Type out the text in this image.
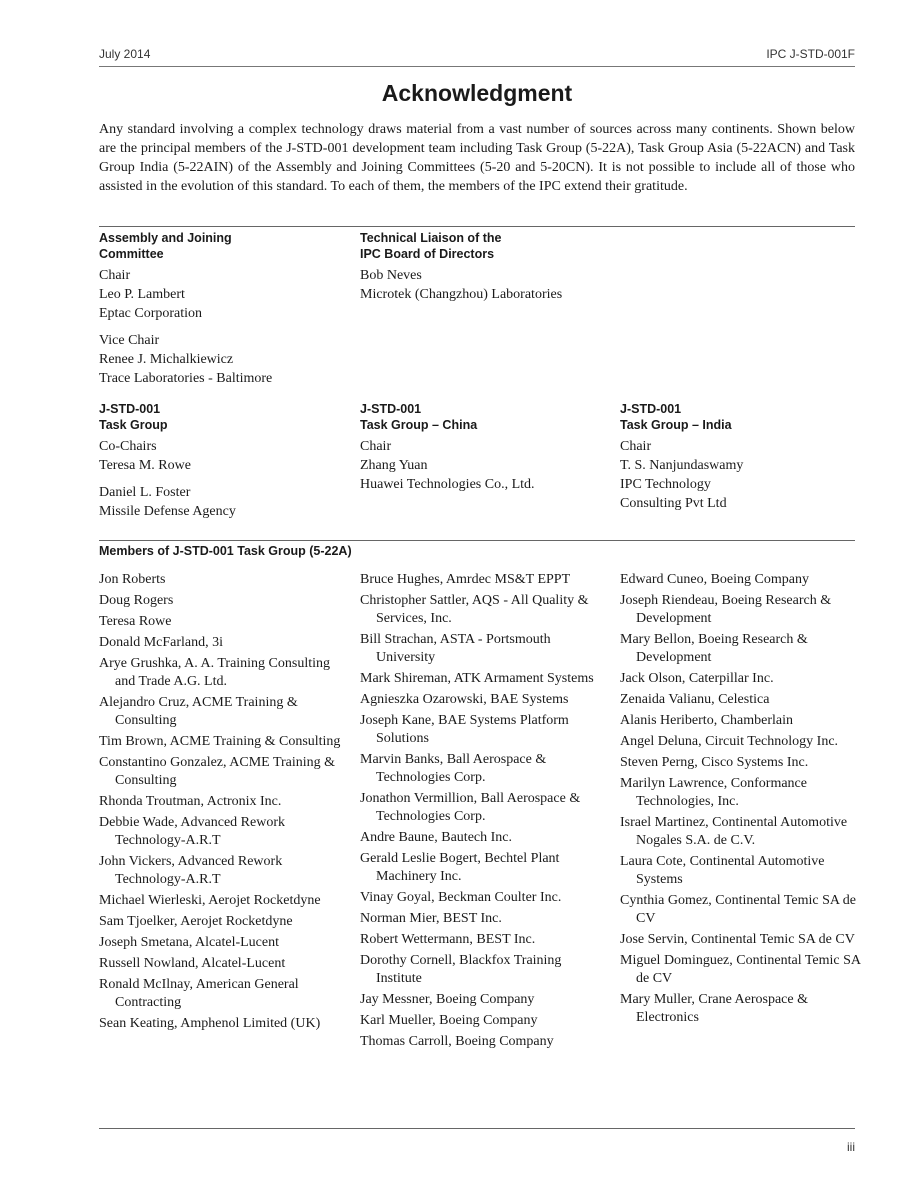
July 2014	IPC J-STD-001F
Acknowledgment

Any standard involving a complex technology draws material from a vast number of sources across many continents. Shown below are the principal members of the J-STD-001 development team including Task Group (5-22A), Task Group Asia (5-22ACN) and Task Group India (5-22AIN) of the Assembly and Joining Committees (5-20 and 5-20CN). It is not possible to include all of those who assisted in the evolution of this standard. To each of them, the members of the IPC extend their gratitude.

Assembly and Joining
Committee

Chair

Leo P. Lambert

Eptac Corporation

Vice Chair

Renee J. Michalkiewicz

Trace Laboratories - Baltimore

Technical Liaison of the
IPC Board of Directors

Bob Neves

Microtek (Changzhou) Laboratories

J-STD-001
Task Group

Co-Chairs

Teresa M. Rowe

Daniel L. Foster

Missile Defense Agency

J-STD-001
Task Group – China

Chair

Zhang Yuan

Huawei Technologies Co., Ltd.

J-STD-001
Task Group – India

Chair

T. S. Nanjundaswamy

IPC Technology

Consulting Pvt Ltd

Members of J-STD-001 Task Group (5-22A)

Jon Roberts
Doug Rogers
Teresa Rowe
Donald McFarland, 3i
Arye Grushka, A. A. Training Consulting and Trade A.G. Ltd.
Alejandro Cruz, ACME Training & Consulting
Tim Brown, ACME Training & Consulting
Constantino Gonzalez, ACME Training & Consulting
Rhonda Troutman, Actronix Inc.
Debbie Wade, Advanced Rework Technology-A.R.T
John Vickers, Advanced Rework Technology-A.R.T
Michael Wierleski, Aerojet Rocketdyne
Sam Tjoelker, Aerojet Rocketdyne
Joseph Smetana, Alcatel-Lucent
Russell Nowland, Alcatel-Lucent
Ronald McIlnay, American General Contracting
Sean Keating, Amphenol Limited (UK)
Bruce Hughes, Amrdec MS&T EPPT
Christopher Sattler, AQS - All Quality & Services, Inc.
Bill Strachan, ASTA - Portsmouth University
Mark Shireman, ATK Armament Systems
Agnieszka Ozarowski, BAE Systems
Joseph Kane, BAE Systems Platform Solutions
Marvin Banks, Ball Aerospace & Technologies Corp.
Jonathon Vermillion, Ball Aerospace & Technologies Corp.
Andre Baune, Bautech Inc.
Gerald Leslie Bogert, Bechtel Plant Machinery Inc.
Vinay Goyal, Beckman Coulter Inc.
Norman Mier, BEST Inc.
Robert Wettermann, BEST Inc.
Dorothy Cornell, Blackfox Training Institute
Jay Messner, Boeing Company
Karl Mueller, Boeing Company
Thomas Carroll, Boeing Company
Edward Cuneo, Boeing Company
Joseph Riendeau, Boeing Research & Development
Mary Bellon, Boeing Research & Development
Jack Olson, Caterpillar Inc.
Zenaida Valianu, Celestica
Alanis Heriberto, Chamberlain
Angel Deluna, Circuit Technology Inc.
Steven Perng, Cisco Systems Inc.
Marilyn Lawrence, Conformance Technologies, Inc.
Israel Martinez, Continental Automotive Nogales S.A. de C.V.
Laura Cote, Continental Automotive Systems
Cynthia Gomez, Continental Temic SA de CV
Jose Servin, Continental Temic SA de CV
Miguel Dominguez, Continental Temic SA de CV
Mary Muller, Crane Aerospace & Electronics
iii
